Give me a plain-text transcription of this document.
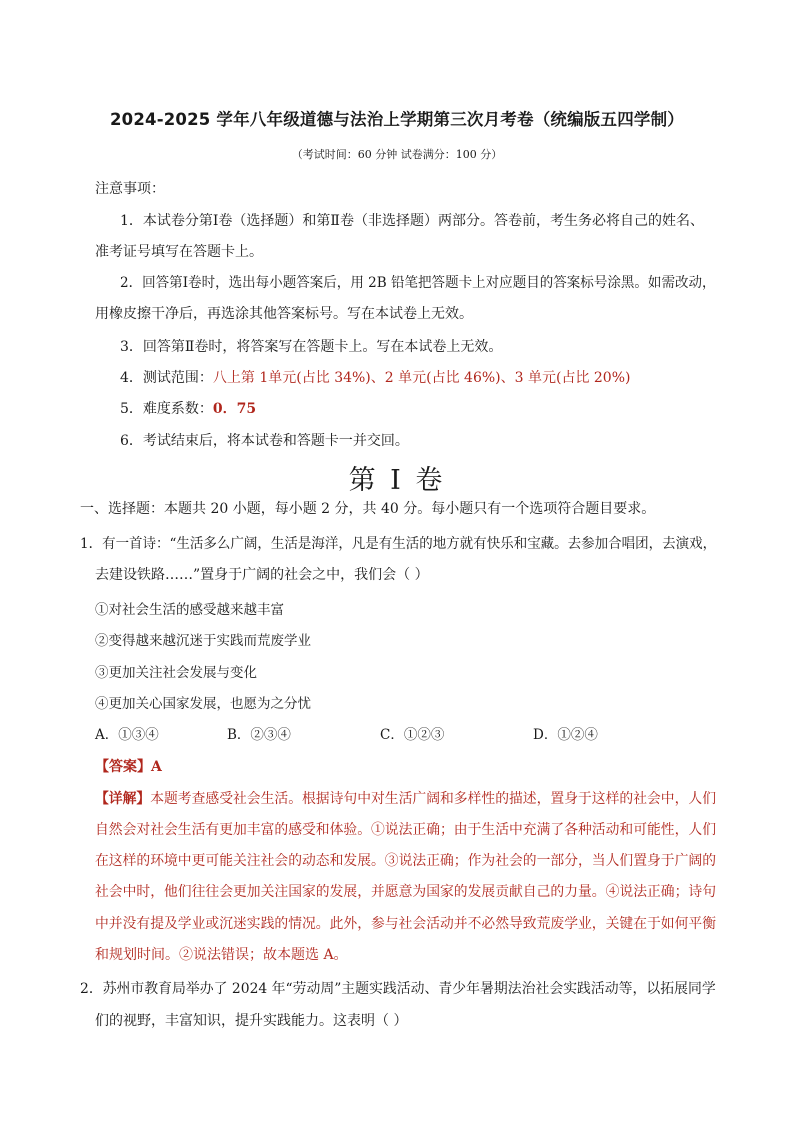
2024-2025 学年八年级道德与法治上学期第三次月考卷（统编版五四学制）
（考试时间：60 分钟 试卷满分：100 分）
注意事项：
1．本试卷分第Ⅰ卷（选择题）和第Ⅱ卷（非选择题）两部分。答卷前，考生务必将自己的姓名、
准考证号填写在答题卡上。
2．回答第Ⅰ卷时，选出每小题答案后，用 2B 铅笔把答题卡上对应题目的答案标号涂黑。如需改动，
用橡皮擦干净后，再选涂其他答案标号。写在本试卷上无效。
3．回答第Ⅱ卷时，将答案写在答题卡上。写在本试卷上无效。
4．测试范围：八上第 1单元(占比 34%)、2 单元(占比 46%)、3 单元(占比 20%)
5．难度系数：0．75
6．考试结束后，将本试卷和答题卡一并交回。
第 I 卷
一、选择题：本题共 20 小题，每小题 2 分，共 40 分。每小题只有一个选项符合题目要求。
1．有一首诗：“生活多么广阔，生活是海洋，凡是有生活的地方就有快乐和宝藏。去参加合唱团，去演戏，
去建设铁路……”置身于广阔的社会之中，我们会（ ）
①对社会生活的感受越来越丰富
②变得越来越沉迷于实践而荒废学业
③更加关注社会发展与变化
④更加关心国家发展，也愿为之分忧
A．①③④	B．②③④	C．①②③	D．①②④
【答案】A
【详解】本题考查感受社会生活。根据诗句中对生活广阔和多样性的描述，置身于这样的社会中，人们
自然会对社会生活有更加丰富的感受和体验。①说法正确；由于生活中充满了各种活动和可能性，人们
在这样的环境中更可能关注社会的动态和发展。③说法正确；作为社会的一部分，当人们置身于广阔的
社会中时，他们往往会更加关注国家的发展，并愿意为国家的发展贡献自己的力量。④说法正确；诗句
中并没有提及学业或沉迷实践的情况。此外，参与社会活动并不必然导致荒废学业，关键在于如何平衡
和规划时间。②说法错误；故本题选 A。
2．苏州市教育局举办了 2024 年“劳动周”主题实践活动、青少年暑期法治社会实践活动等，以拓展同学
们的视野，丰富知识，提升实践能力。这表明（ ）
